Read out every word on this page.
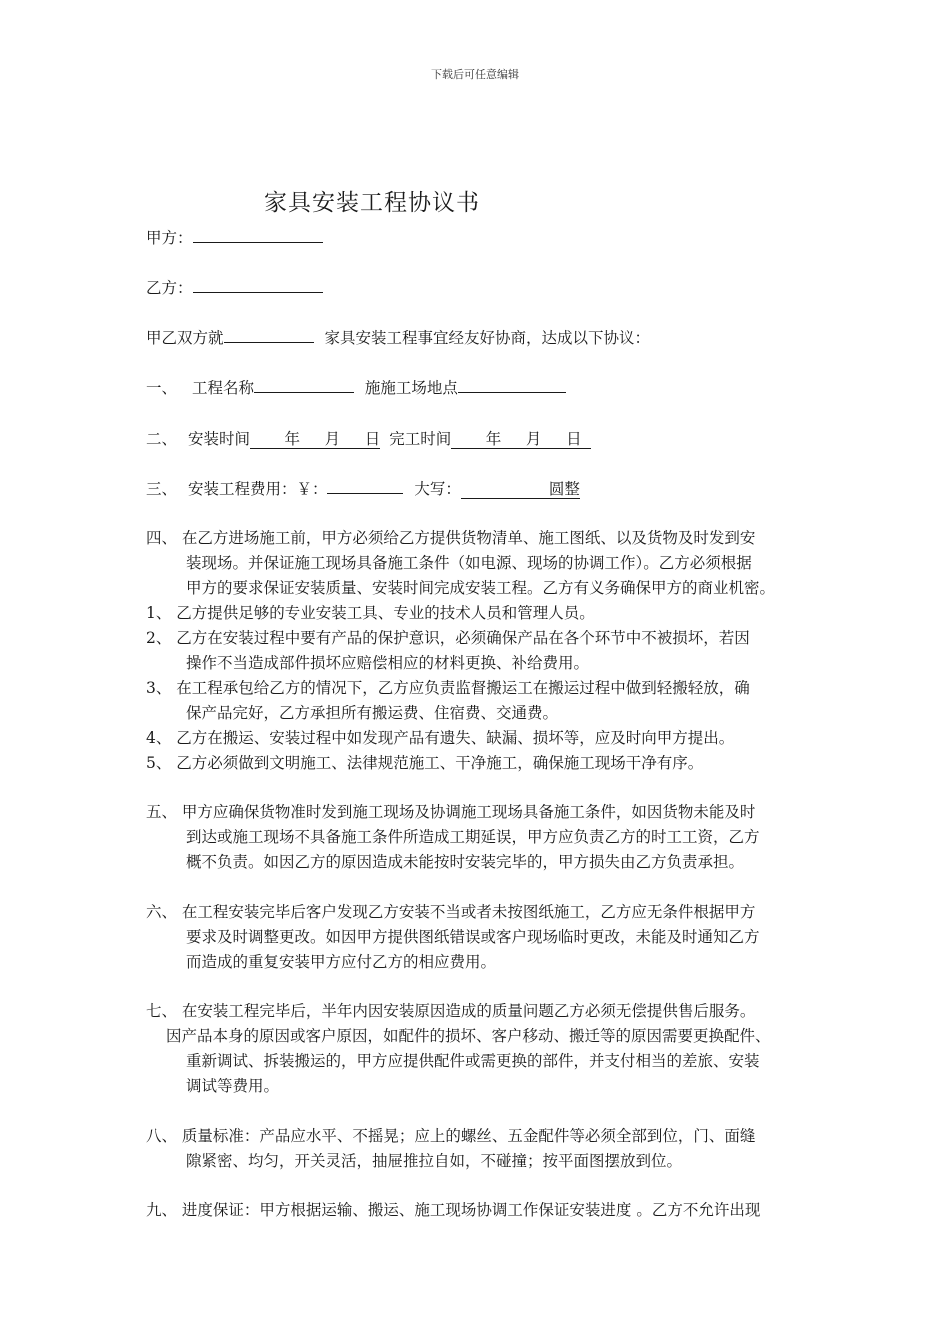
下载后可任意编辑
家具安装工程协议书
甲方：
乙方：
甲乙双方就	家具安装工程事宜经友好协商，达成以下协议：
一、 工程名称	施施工场地点
二、 安装时间 年 月 日 完工时间 年 月 日
三、 安装工程费用：￥：	大写：	圆整
四、 在乙方进场施工前，甲方必须给乙方提供货物清单、施工图纸、以及货物及时发到安
装现场。并保证施工现场具备施工条件（如电源、现场的协调工作）。乙方必须根据
甲方的要求保证安装质量、安装时间完成安装工程。乙方有义务确保甲方的商业机密。
1、 乙方提供足够的专业安装工具、专业的技术人员和管理人员。
2、 乙方在安装过程中要有产品的保护意识，必须确保产品在各个环节中不被损坏，若因
操作不当造成部件损坏应赔偿相应的材料更换、补给费用。
3、 在工程承包给乙方的情况下，乙方应负责监督搬运工在搬运过程中做到轻搬轻放，确
保产品完好，乙方承担所有搬运费、住宿费、交通费。
4、 乙方在搬运、安装过程中如发现产品有遗失、缺漏、损坏等，应及时向甲方提出。
5、 乙方必须做到文明施工、法律规范施工、干净施工，确保施工现场干净有序。
五、 甲方应确保货物准时发到施工现场及协调施工现场具备施工条件，如因货物未能及时
到达或施工现场不具备施工条件所造成工期延误，甲方应负责乙方的时工工资，乙方
概不负责。如因乙方的原因造成未能按时安装完毕的，甲方损失由乙方负责承担。
六、 在工程安装完毕后客户发现乙方安装不当或者未按图纸施工，乙方应无条件根据甲方
要求及时调整更改。如因甲方提供图纸错误或客户现场临时更改，未能及时通知乙方
而造成的重复安装甲方应付乙方的相应费用。
七、 在安装工程完毕后，半年内因安装原因造成的质量问题乙方必须无偿提供售后服务。
因产品本身的原因或客户原因，如配件的损坏、客户移动、搬迁等的原因需要更换配件、
重新调试、拆装搬运的，甲方应提供配件或需更换的部件，并支付相当的差旅、安装
调试等费用。
八、 质量标准：产品应水平、不摇晃；应上的螺丝、五金配件等必须全部到位，门、面缝
隙紧密、均匀，开关灵活，抽屉推拉自如，不碰撞；按平面图摆放到位。
九、 进度保证：甲方根据运输、搬运、施工现场协调工作保证安装进度 。乙方不允许出现
